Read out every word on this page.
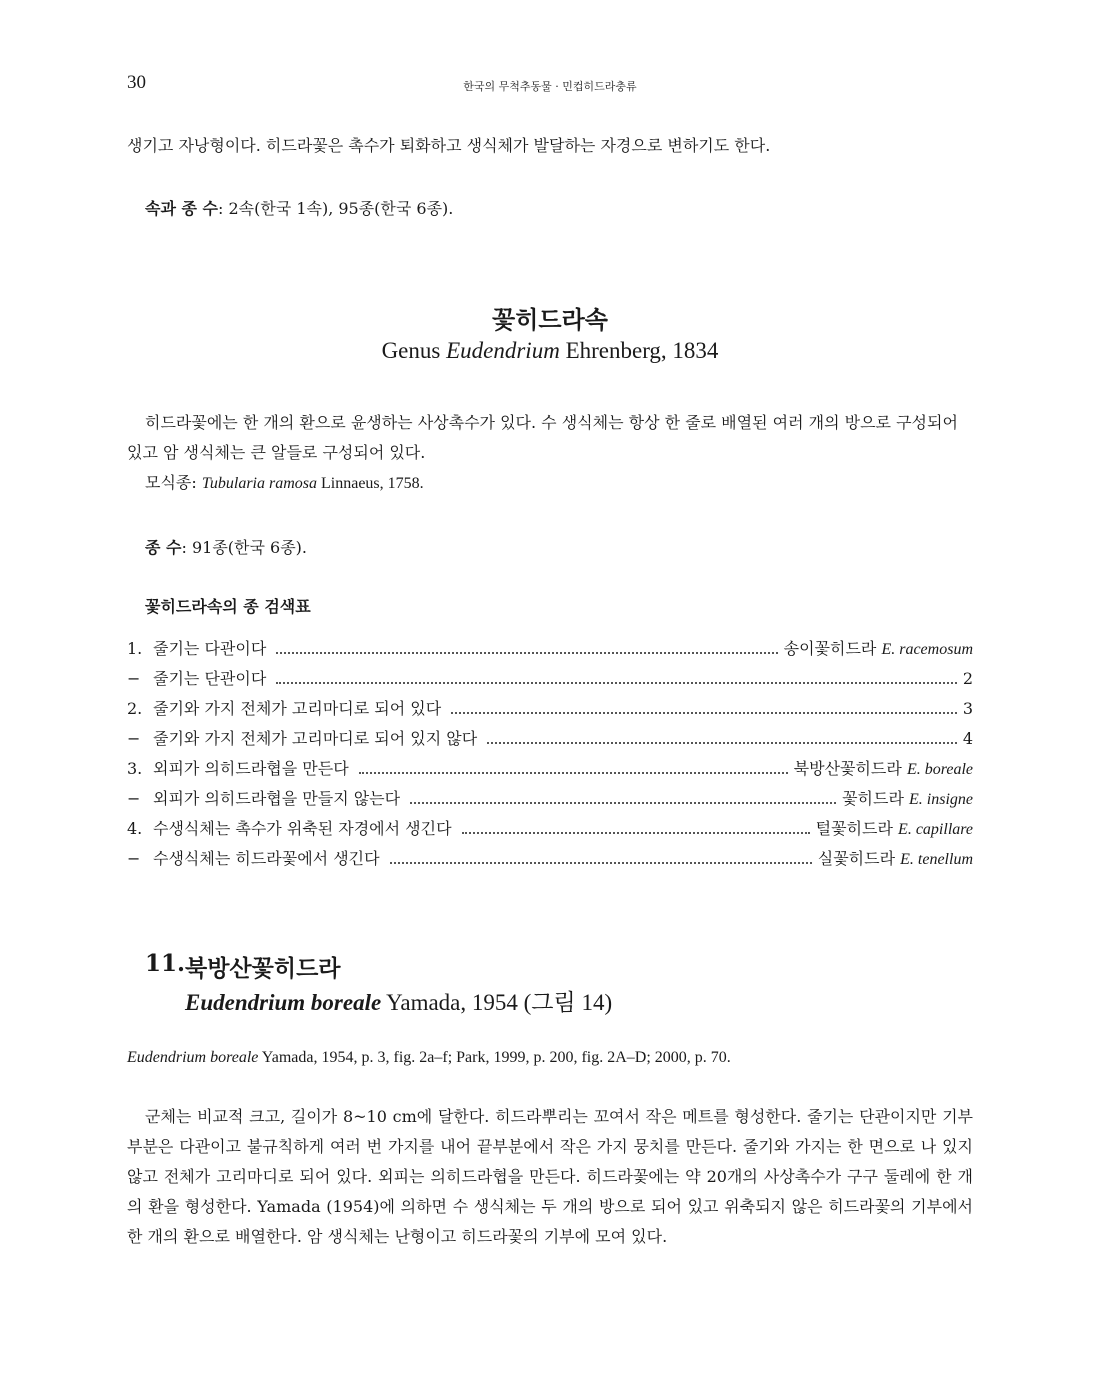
30	한국의 무척추동물 · 민컵히드라충류

생기고 자낭형이다. 히드라꽃은 촉수가 퇴화하고 생식체가 발달하는 자경으로 변하기도 한다.

속과 종 수: 2속(한국 1속), 95종(한국 6종).

꽃히드라속
Genus Eudendrium Ehrenberg, 1834

히드라꽃에는 한 개의 환으로 윤생하는 사상촉수가 있다. 수 생식체는 항상 한 줄로 배열된 여러 개의 방으로 구성되어 있고 암 생식체는 큰 알들로 구성되어 있다.

모식종: Tubularia ramosa Linnaeus, 1758.

종 수: 91종(한국 6종).

꽃히드라속의 종 검색표

1. 줄기는 다관이다	송이꽃히드라 E. racemosum
− 줄기는 단관이다	2
2. 줄기와 가지 전체가 고리마디로 되어 있다	3
− 줄기와 가지 전체가 고리마디로 되어 있지 않다	4
3. 외피가 의히드라협을 만든다	북방산꽃히드라 E. boreale
− 외피가 의히드라협을 만들지 않는다	꽃히드라 E. insigne
4. 수생식체는 촉수가 위축된 자경에서 생긴다	털꽃히드라 E. capillare
− 수생식체는 히드라꽃에서 생긴다	실꽃히드라 E. tenellum
11. 북방산꽃히드라
Eudendrium boreale Yamada, 1954 (그림 14)

Eudendrium boreale Yamada, 1954, p. 3, fig. 2a–f; Park, 1999, p. 200, fig. 2A–D; 2000, p. 70.

군체는 비교적 크고, 길이가 8~10 cm에 달한다. 히드라뿌리는 꼬여서 작은 메트를 형성한다. 줄기는 단관이지만 기부 부분은 다관이고 불규칙하게 여러 번 가지를 내어 끝부분에서 작은 가지 뭉치를 만든다. 줄기와 가지는 한 면으로 나 있지 않고 전체가 고리마디로 되어 있다. 외피는 의히드라협을 만든다. 히드라꽃에는 약 20개의 사상촉수가 구구 둘레에 한 개의 환을 형성한다. Yamada (1954)에 의하면 수 생식체는 두 개의 방으로 되어 있고 위축되지 않은 히드라꽃의 기부에서 한 개의 환으로 배열한다. 암 생식체는 난형이고 히드라꽃의 기부에 모여 있다.
